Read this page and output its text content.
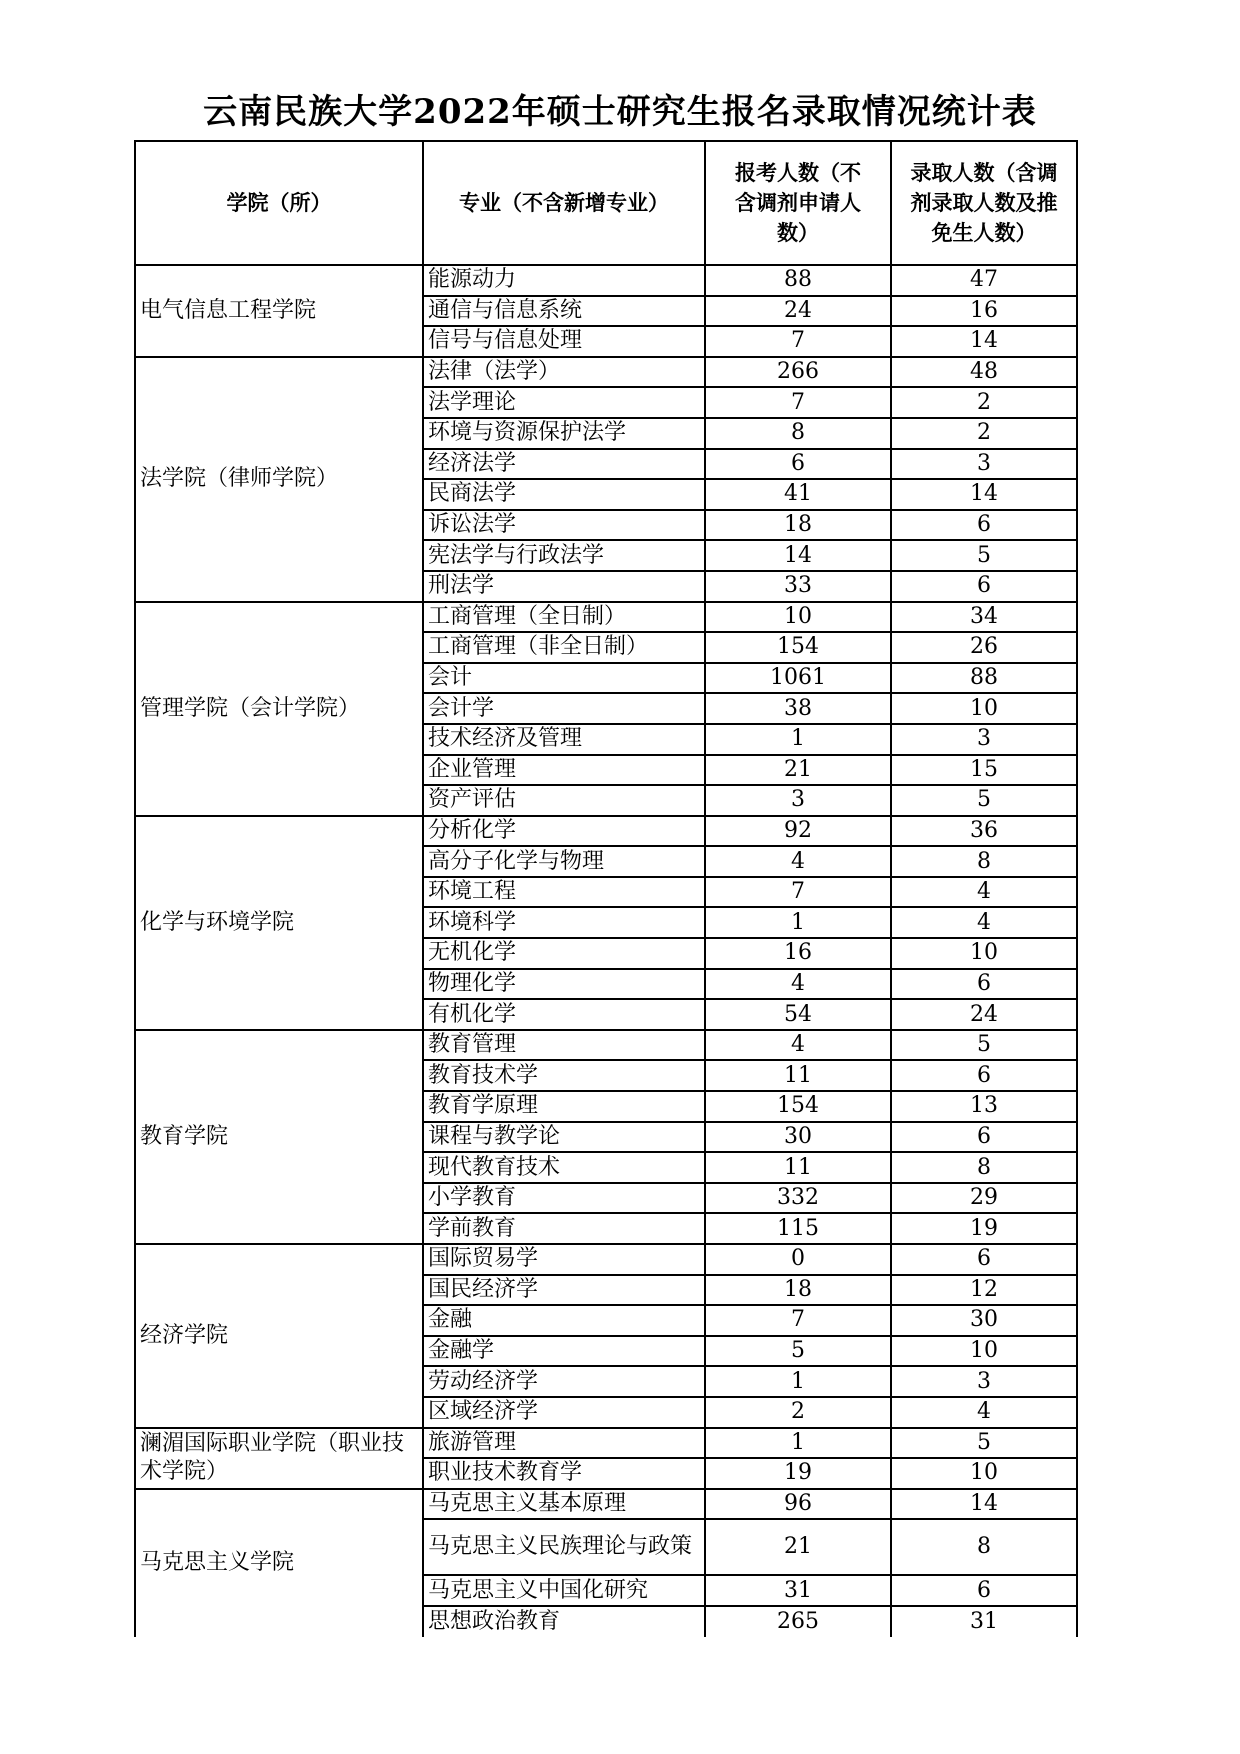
云南民族大学2022年硕士研究生报名录取情况统计表
学院（所）	专业（不含新增专业）	报考人数（不含调剂申请人数）	录取人数（含调剂录取人数及推免生人数）
电气信息工程学院	能源动力	88	47
	通信与信息系统	24	16
	信号与信息处理	7	14
法学院（律师学院）	法律（法学）	266	48
	法学理论	7	2
	环境与资源保护法学	8	2
	经济法学	6	3
	民商法学	41	14
	诉讼法学	18	6
	宪法学与行政法学	14	5
	刑法学	33	6
管理学院（会计学院）	工商管理（全日制）	10	34
	工商管理（非全日制）	154	26
	会计	1061	88
	会计学	38	10
	技术经济及管理	1	3
	企业管理	21	15
	资产评估	3	5
化学与环境学院	分析化学	92	36
	高分子化学与物理	4	8
	环境工程	7	4
	环境科学	1	4
	无机化学	16	10
	物理化学	4	6
	有机化学	54	24
教育学院	教育管理	4	5
	教育技术学	11	6
	教育学原理	154	13
	课程与教学论	30	6
	现代教育技术	11	8
	小学教育	332	29
	学前教育	115	19
经济学院	国际贸易学	0	6
	国民经济学	18	12
	金融	7	30
	金融学	5	10
	劳动经济学	1	3
	区域经济学	2	4
澜湄国际职业学院（职业技术学院）	旅游管理	1	5
	职业技术教育学	19	10
马克思主义学院	马克思主义基本原理	96	14
	马克思主义民族理论与政策	21	8
	马克思主义中国化研究	31	6
	思想政治教育	265	31
